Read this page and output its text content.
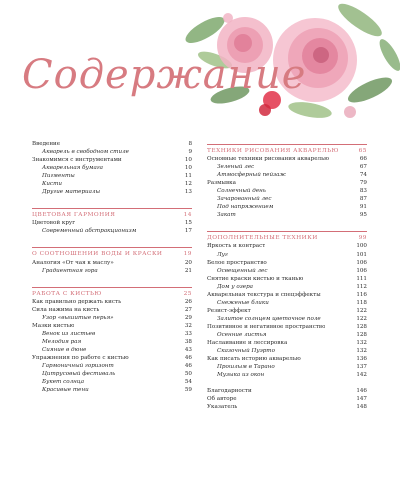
Содержание
Введение	8
Акварель в свободном стиле	9
Знакомимся с инструментами	10
Акварельная бумага	10
Пигменты	11
Кисти	12
Другие материалы	13
ЦВЕТОВАЯ ГАРМОНИЯ	14
Цветовой круг	15
Современный абстракционизм	17
О СООТНОШЕНИИ ВОДЫ И КРАСКИ	19
Аналогия «От чая к маслу»	20
Градиентная гора	21
РАБОТА С КИСТЬЮ	25
Как правильно держать кисть	26
Сила нажима на кисть	27
Узор «вышитые перья»	29
Мазки кистью	32
Венок из листьев	33
Мелодия рая	38
Сияние в дюне	43
Упражнения по работе с кистью	46
Гармоничный горизонт	46
Цитрусовый фестиваль	50
Букет солнца	54
Красивые тени	59
ТЕХНИКИ РИСОВАНИЯ АКВАРЕЛЬЮ	65
Основные техники рисования акварелью	66
Зеленый лес	67
Атмосферный пейзаж	74
Размывка	79
Солнечный день	83
Зачарованный лес	87
Под напряжением	91
Закат	95
ДОПОЛНИТЕЛЬНЫЕ ТЕХНИКИ	99
Яркость и контраст	100
Луг	101
Белое пространство	106
Освещенный лес	106
Снятие краски кистью и тканью	111
Дом у озера	112
Акварельная текстура и спецэффекты	116
Снеженые блики	118
Резист-эффект	122
Залитое солнцем цветочное поле	122
Позитивное и негативное пространство	128
Осенние листья	128
Наслаивание и лессировка	132
Сказочный Пуэрто	132
Как писать историю акварелью	136
Прошлым в Тарано	137
Музыка из окон	142
Благодарности	146
Об авторе	147
Указатель	148
